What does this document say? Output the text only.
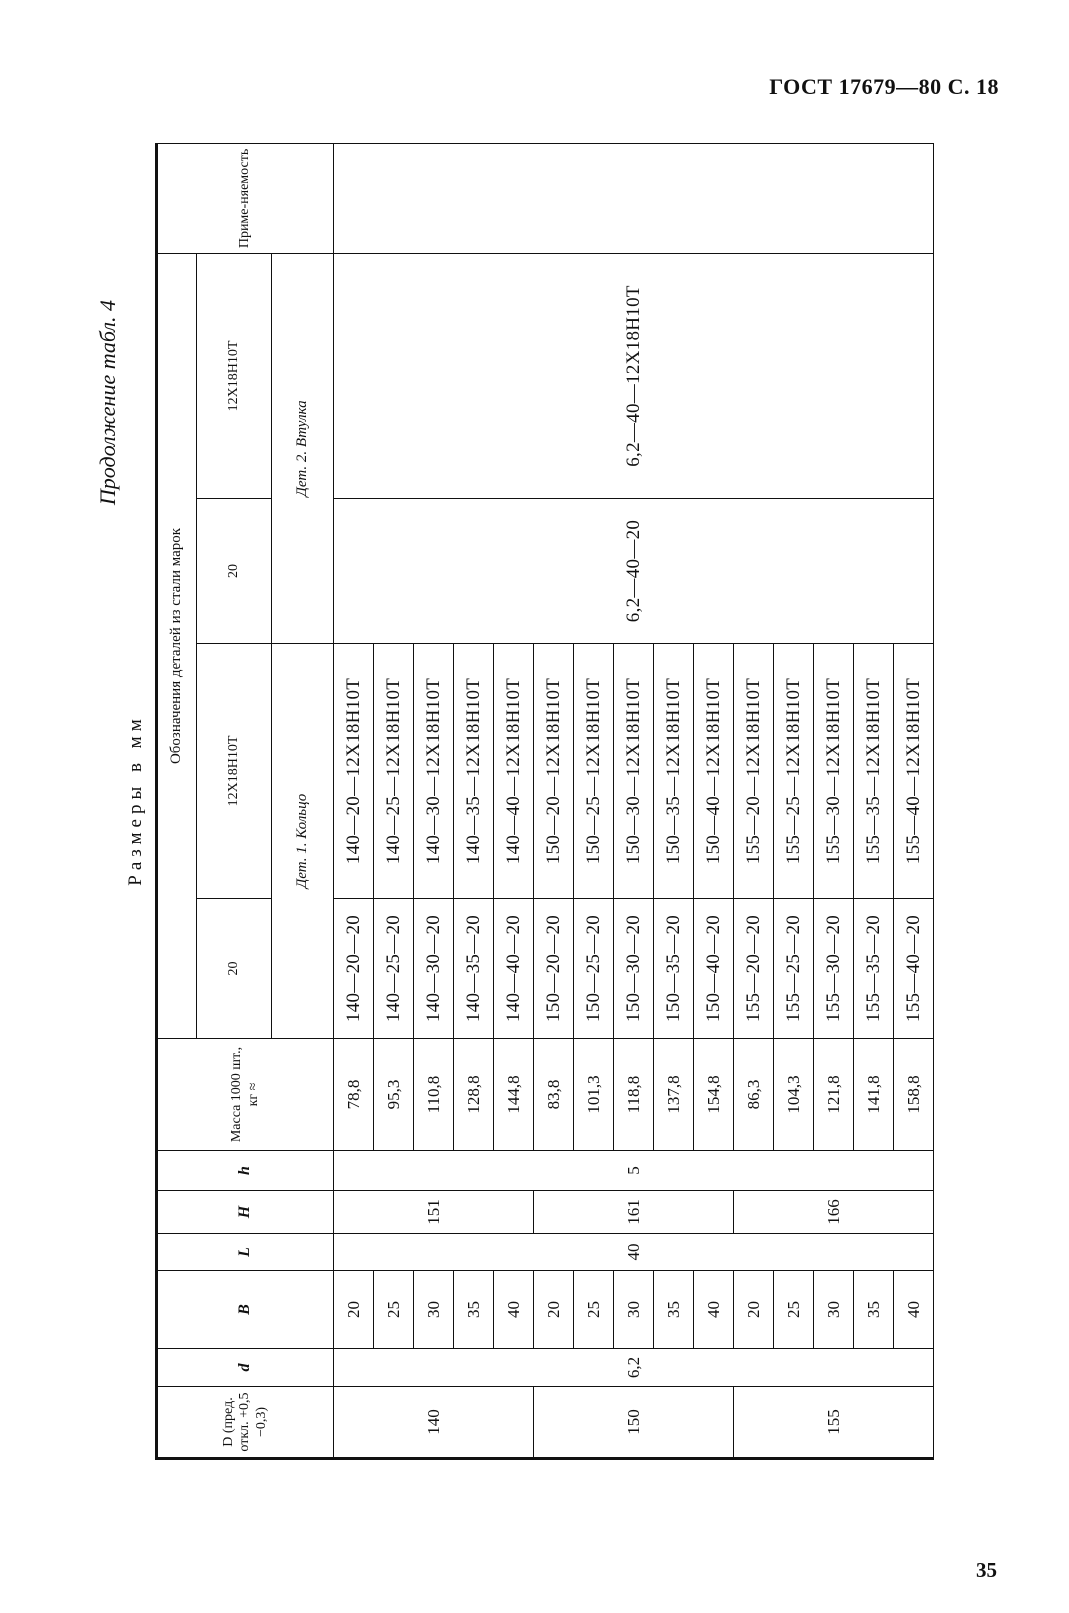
ГОСТ 17679—80 С. 18
Продолжение табл. 4
Размеры в мм
D (пред. откл. +0,5 −0,3)	d	B	L	H	h	Масса 1000 шт., кг ≈	Обозначения деталей из стали марок				Приме-няемость
							20	12Х18Н10Т	20	12Х18Н10Т	
							Дет. 1. Кольцо		Дет. 2. Втулка		
140	6,2	20	40	151	5	78,8	140—20—20	140—20—12Х18Н10Т	6,2—40—20	6,2—40—12Х18Н10Т	
		25				95,3	140—25—20	140—25—12Х18Н10Т			
		30				110,8	140—30—20	140—30—12Х18Н10Т			
		35				128,8	140—35—20	140—35—12Х18Н10Т			
		40				144,8	140—40—20	140—40—12Х18Н10Т			
150		20		161		83,8	150—20—20	150—20—12Х18Н10Т			
		25				101,3	150—25—20	150—25—12Х18Н10Т			
		30				118,8	150—30—20	150—30—12Х18Н10Т			
		35				137,8	150—35—20	150—35—12Х18Н10Т			
		40				154,8	150—40—20	150—40—12Х18Н10Т			
155		20		166		86,3	155—20—20	155—20—12Х18Н10Т			
		25				104,3	155—25—20	155—25—12Х18Н10Т			
		30				121,8	155—30—20	155—30—12Х18Н10Т			
		35				141,8	155—35—20	155—35—12Х18Н10Т			
		40				158,8	155—40—20	155—40—12Х18Н10Т			
35
